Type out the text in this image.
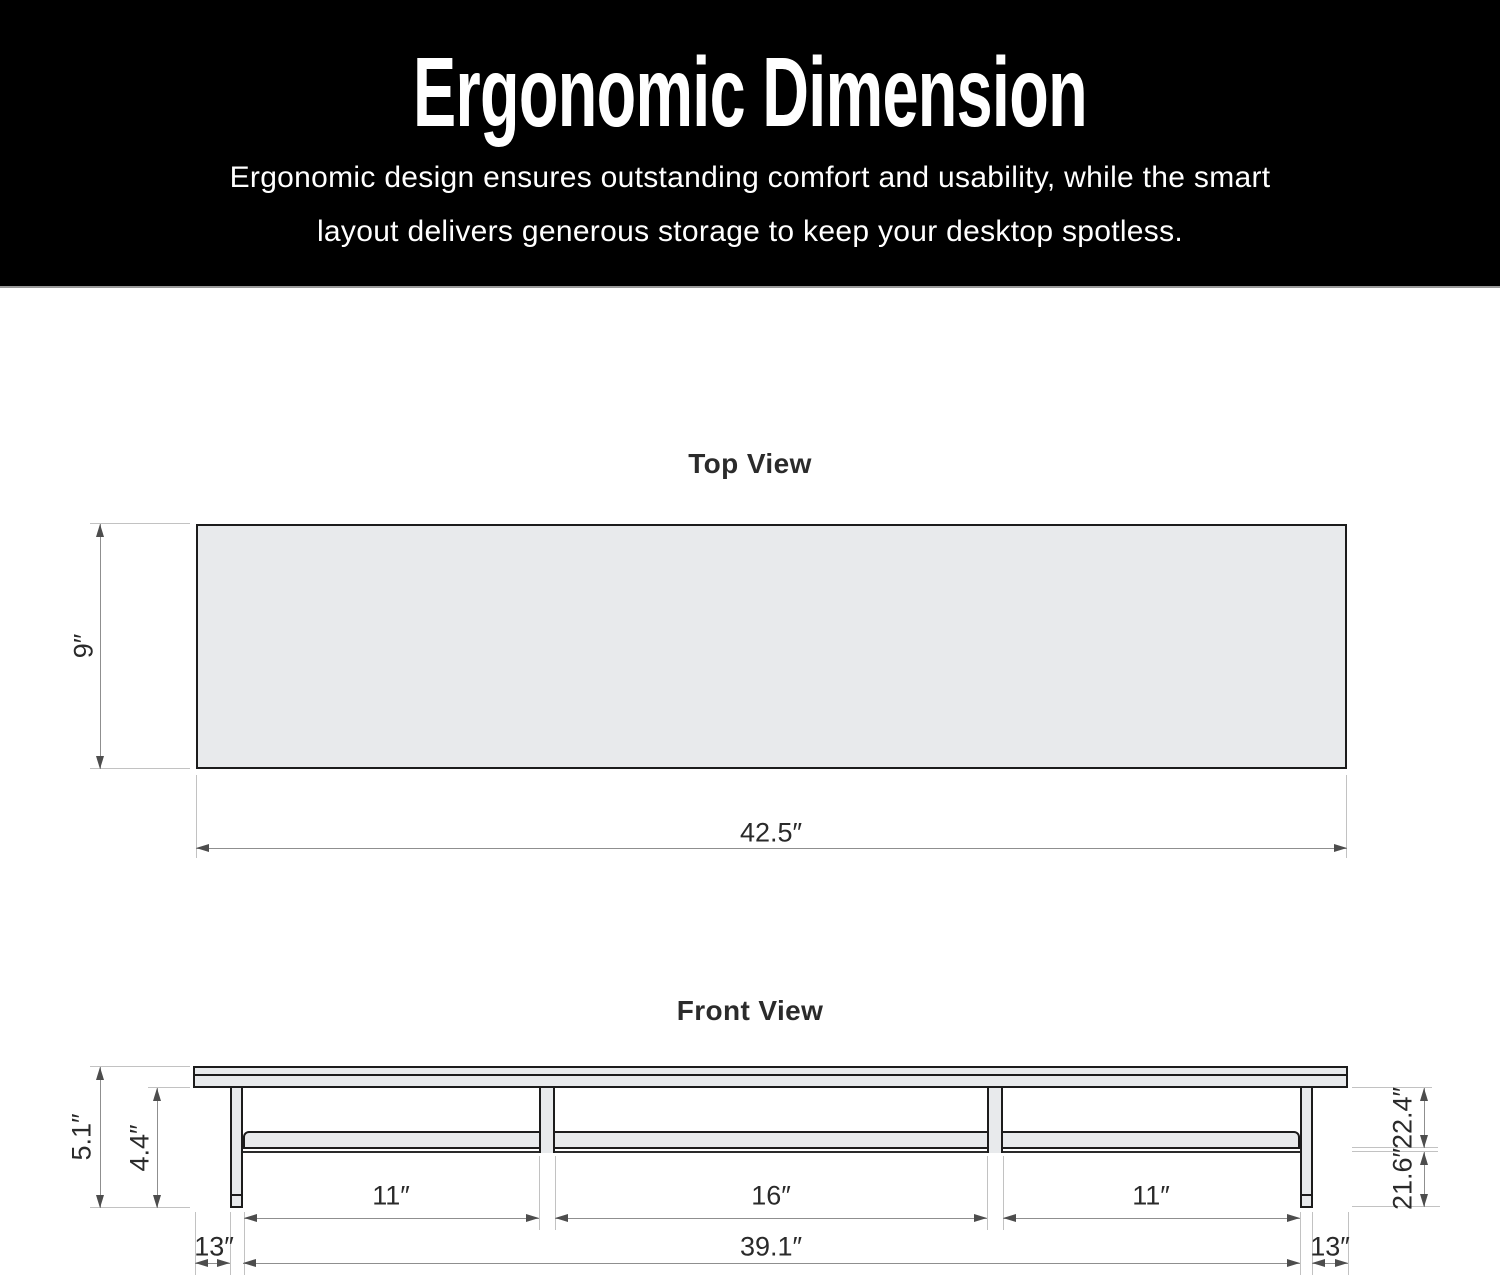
Ergonomic Dimension
Ergonomic design ensures outstanding comfort and usability, while the smart
layout delivers generous storage to keep your desktop spotless.
Top View
9″
42.5″
Front View
5.1″ 4.4″	22.4″
21.6″
11″	16″	11″
13″	39.1″	13″
